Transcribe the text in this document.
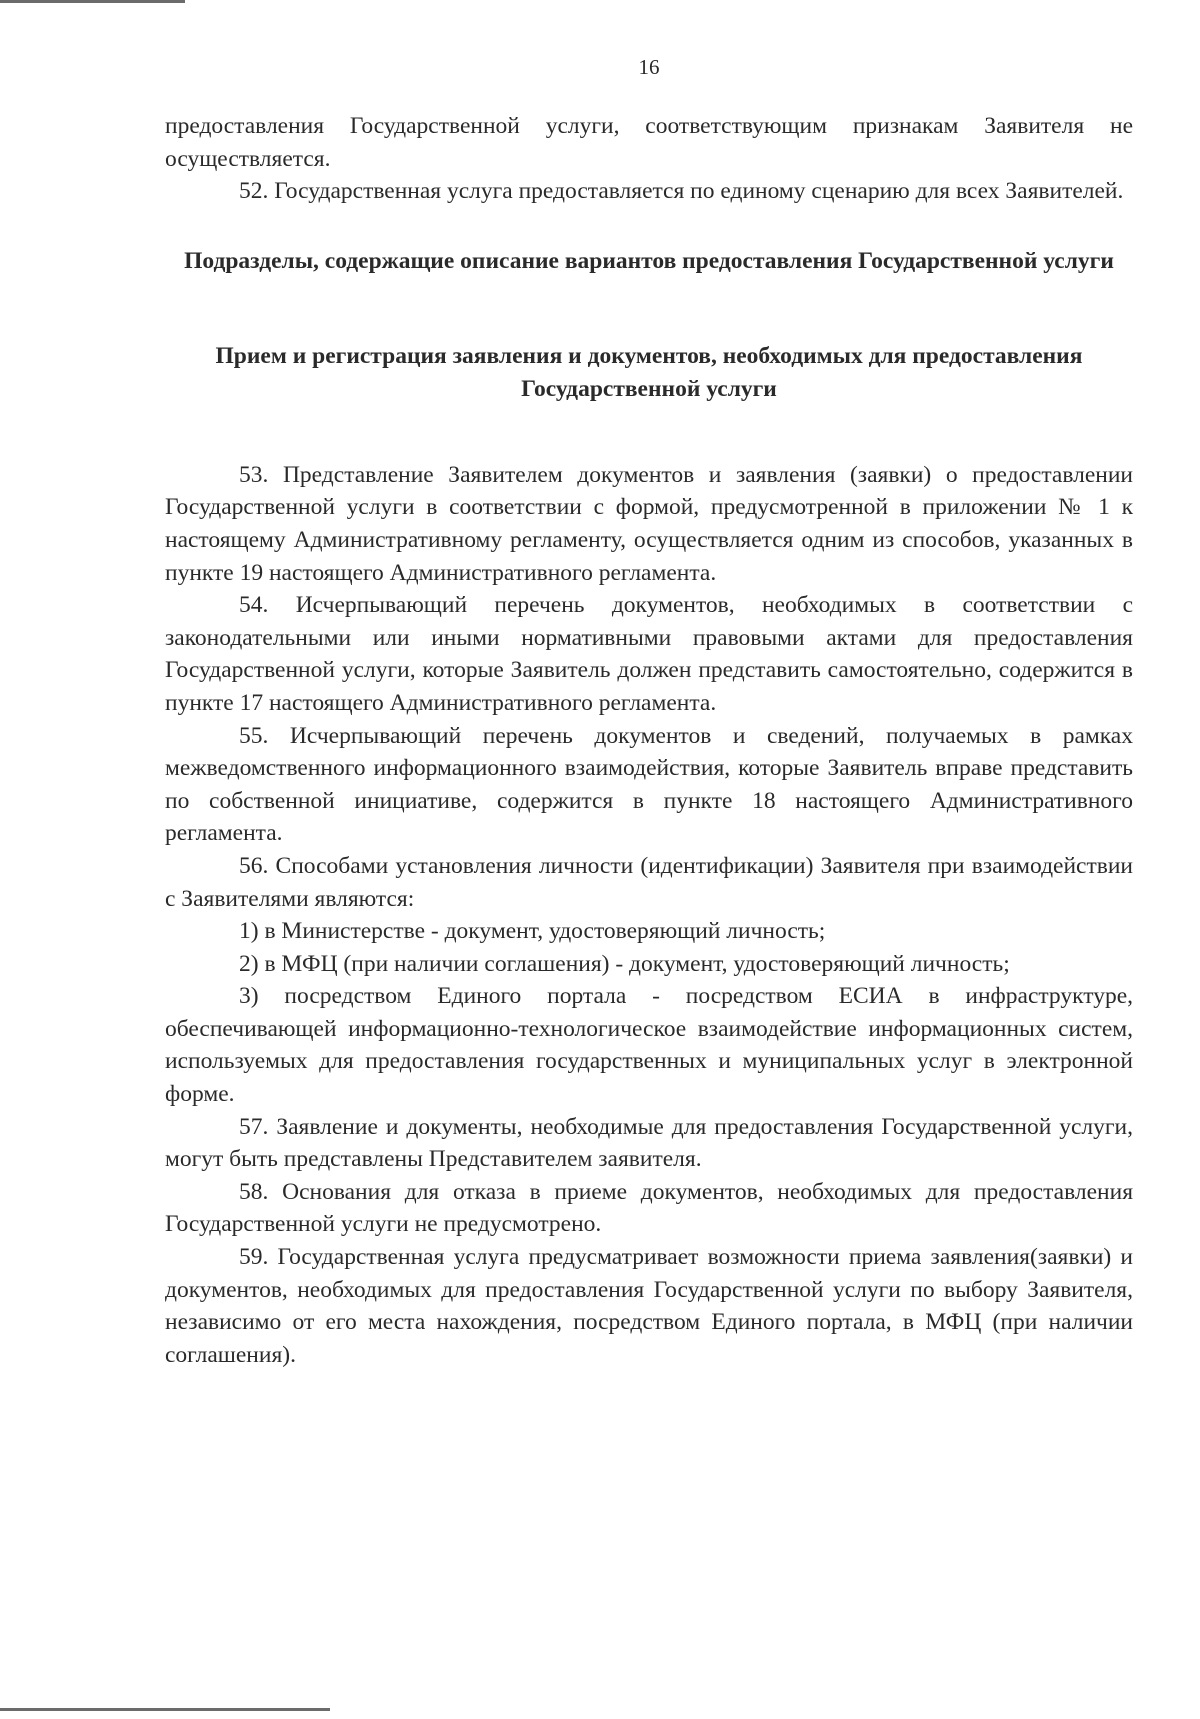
16

предоставления Государственной услуги, соответствующим признакам Заявителя не осуществляется.

52. Государственная услуга предоставляется по единому сценарию для всех Заявителей.

Подразделы, содержащие описание вариантов предоставления Государственной услуги
Прием и регистрация заявления и документов, необходимых для предоставления Государственной услуги

53. Представление Заявителем документов и заявления (заявки) о предоставлении Государственной услуги в соответствии с формой, предусмотренной в приложении № 1 к настоящему Административному регламенту, осуществляется одним из способов, указанных в пункте 19 настоящего Административного регламента.

54. Исчерпывающий перечень документов, необходимых в соответствии с законодательными или иными нормативными правовыми актами для предоставления Государственной услуги, которые Заявитель должен представить самостоятельно, содержится в пункте 17 настоящего Административного регламента.

55. Исчерпывающий перечень документов и сведений, получаемых в рамках межведомственного информационного взаимодействия, которые Заявитель вправе представить по собственной инициативе, содержится в пункте 18 настоящего Административного регламента.

56. Способами установления личности (идентификации) Заявителя при взаимодействии с Заявителями являются:

1) в Министерстве - документ, удостоверяющий личность;

2) в МФЦ (при наличии соглашения) - документ, удостоверяющий личность;

3) посредством Единого портала - посредством ЕСИА в инфраструктуре, обеспечивающей информационно-технологическое взаимодействие информационных систем, используемых для предоставления государственных и муниципальных услуг в электронной форме.

57. Заявление и документы, необходимые для предоставления Государственной услуги, могут быть представлены Представителем заявителя.

58. Основания для отказа в приеме документов, необходимых для предоставления Государственной услуги не предусмотрено.

59. Государственная услуга предусматривает возможности приема заявления(заявки) и документов, необходимых для предоставления Государственной услуги по выбору Заявителя, независимо от его места нахождения, посредством Единого портала, в МФЦ (при наличии соглашения).
